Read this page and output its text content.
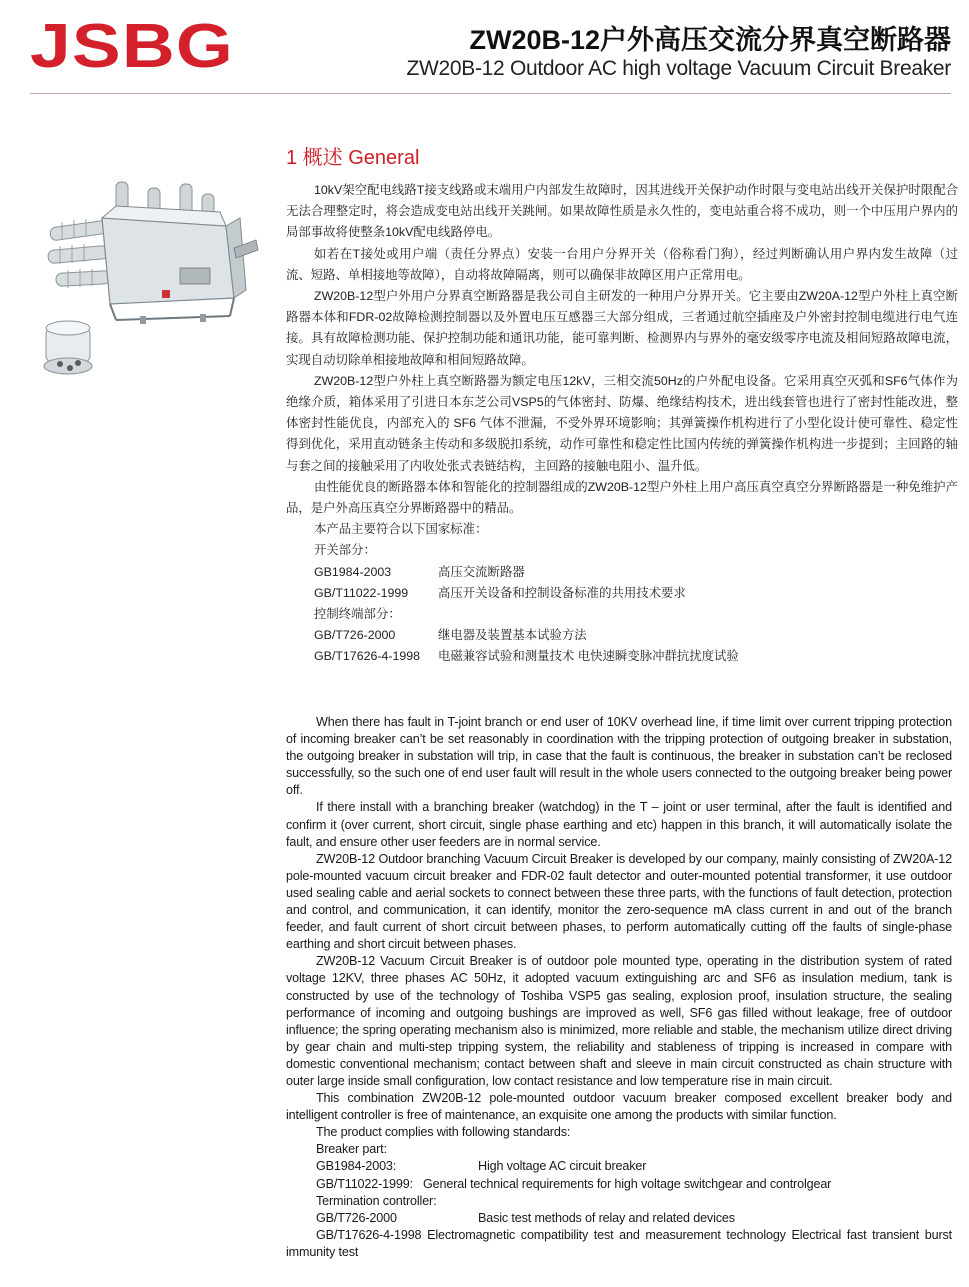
JSBG	ZW20B-12户外高压交流分界真空断路器
ZW20B-12 Outdoor AC high voltage Vacuum Circuit Breaker
1 概述 General

10kV架空配电线路T接支线路或末端用户内部发生故障时，因其进线开关保护动作时限与变电站出线开关保护时限配合无法合理整定时，将会造成变电站出线开关跳闸。如果故障性质是永久性的，变电站重合将不成功，则一个中压用户界内的局部事故将使整条10kV配电线路停电。

如若在T接处或用户端（责任分界点）安装一台用户分界开关（俗称看门狗），经过判断确认用户界内发生故障（过流、短路、单相接地等故障），自动将故障隔离，则可以确保非故障区用户正常用电。

ZW20B-12型户外用户分界真空断路器是我公司自主研发的一种用户分界开关。它主要由ZW20A-12型户外柱上真空断路器本体和FDR-02故障检测控制器以及外置电压互感器三大部分组成，三者通过航空插座及户外密封控制电缆进行电气连接。具有故障检测功能、保护控制功能和通讯功能，能可靠判断、检测界内与界外的毫安级零序电流及相间短路故障电流，实现自动切除单相接地故障和相间短路故障。

ZW20B-12型户外柱上真空断路器为额定电压12kV，三相交流50Hz的户外配电设备。它采用真空灭弧和SF6气体作为绝缘介质，箱体采用了引进日本东芝公司VSP5的气体密封、防爆、绝缘结构技术，进出线套管也进行了密封性能改进，整体密封性能优良，内部充入的 SF6 气体不泄漏，不受外界环境影响；其弹簧操作机构进行了小型化设计使可靠性、稳定性得到优化，采用直动链条主传动和多级脱扣系统，动作可靠性和稳定性比国内传统的弹簧操作机构进一步提到；主回路的轴与套之间的接触采用了内收处张式表链结构，主回路的接触电阻小、温升低。

由性能优良的断路器本体和智能化的控制器组成的ZW20B-12型户外柱上用户高压真空真空分界断路器是一种免维护产品，是户外高压真空分界断路器中的精品。

本产品主要符合以下国家标准：
开关部分：
GB1984-2003	高压交流断路器
GB/T11022-1999 高压开关设备和控制设备标准的共用技术要求
控制终端部分：
GB/T726-2000	继电器及装置基本试验方法
GB/T17626-4-1998 电磁兼容试验和测量技术 电快速瞬变脉冲群抗扰度试验

When there has fault in T-joint branch or end user of 10KV overhead line, if time limit over current tripping protection of incoming breaker can’t be set reasonably in coordination with the tripping protection of outgoing breaker in substation, the outgoing breaker in substation will trip, in case that the fault is continuous, the breaker in substation can’t be reclosed successfully, so the such one of end user fault will result in the whole users connected to the outgoing breaker being power off.

If there install with a branching breaker (watchdog) in the T – joint or user terminal, after the fault is identified and confirm it (over current, short circuit, single phase earthing and etc) happen in this branch, it will automatically isolate the fault, and ensure other user feeders are in normal service.

ZW20B-12 Outdoor branching Vacuum Circuit Breaker is developed by our company, mainly consisting of ZW20A-12 pole-mounted vacuum circuit breaker and FDR-02 fault detector and outer-mounted potential transformer, it use outdoor used sealing cable and aerial sockets to connect between these three parts, with the functions of fault detection, protection and control, and communication, it can identify, monitor the zero-sequence mA class current in and out of the branch feeder, and fault current of short circuit between phases, to perform automatically cutting off the faults of single-phase earthing and short circuit between phases.

ZW20B-12 Vacuum Circuit Breaker is of outdoor pole mounted type, operating in the distribution system of rated voltage 12KV, three phases AC 50Hz, it adopted vacuum extinguishing arc and SF6 as insulation medium, tank is constructed by use of the technology of Toshiba VSP5 gas sealing, explosion proof, insulation structure, the sealing performance of incoming and outgoing bushings are improved as well, SF6 gas filled without leakage, free of outdoor influence; the spring operating mechanism also is minimized, more reliable and stable, the mechanism utilize direct driving by gear chain and multi-step tripping system, the reliability and stableness of tripping is increased in compare with domestic conventional mechanism; contact between shaft and sleeve in main circuit constructed as chain structure with outer large inside small configuration, low contact resistance and low temperature rise in main circuit.

This combination ZW20B-12 pole-mounted outdoor vacuum breaker composed excellent breaker body and intelligent controller is free of maintenance, an exquisite one among the products with similar function.

The product complies with following standards:
Breaker part:
GB1984-2003:	High voltage AC circuit breaker
GB/T11022-1999: General technical requirements for high voltage switchgear and controlgear
Termination controller:
GB/T726-2000	Basic test methods of relay and related devices

GB/T17626-4-1998 Electromagnetic compatibility test and measurement technology Electrical fast transient burst immunity test
